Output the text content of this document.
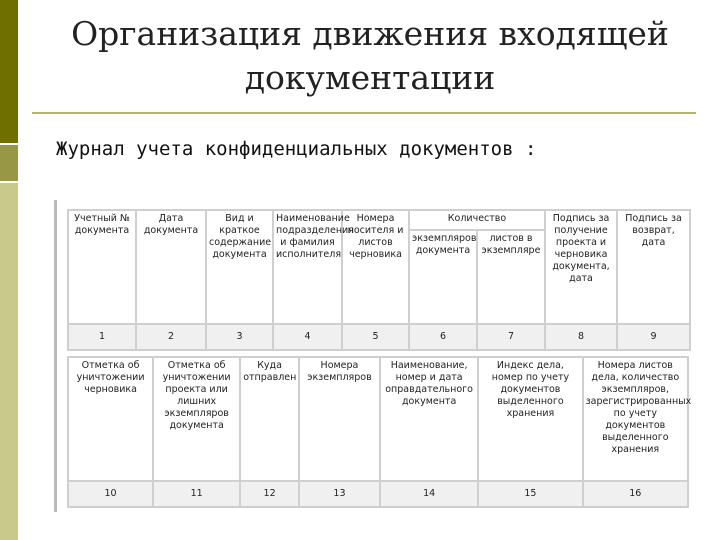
Организация движения входящей документации
Журнал учета конфиденциальных документов :
Учетный № документа	Дата документа	Вид и краткое содержание документа	Наименование подразделения и фамилия исполнителя	Номера носителя и листов черновика	Количество		Подпись за получение проекта и черновика документа, дата	Подпись за возврат, дата
					экземпляров документа	листов в экземпляре		
1	2	3	4	5	6	7	8	9
Отметка об уничтожении черновика	Отметка об уничтожении проекта или лишних экземпляров документа	Куда отправлен	Номера экземпляров	Наименование, номер и дата оправдательного документа	Индекс дела, номер по учету документов выделенного хранения	Номера листов дела, количество экземпляров, зарегистрированных по учету документов выделенного хранения
10	11	12	13	14	15	16
